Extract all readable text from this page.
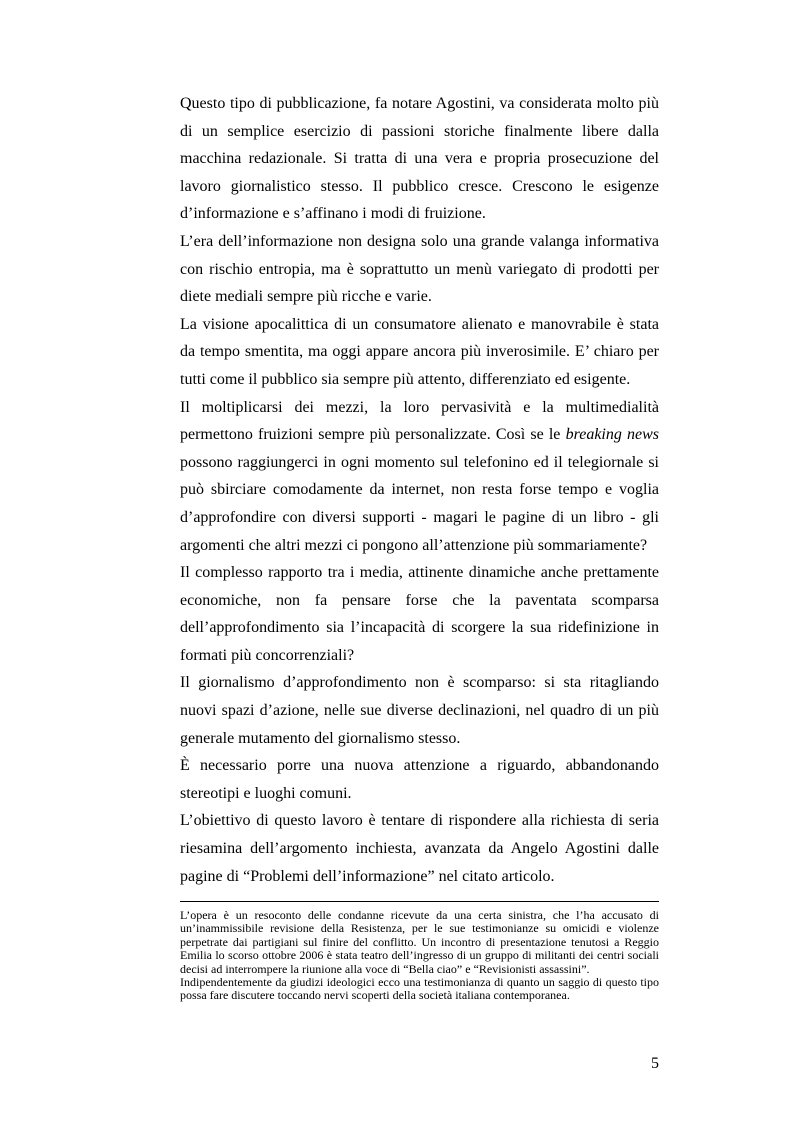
Questo tipo di pubblicazione, fa notare Agostini, va considerata molto più di un semplice esercizio di passioni storiche finalmente libere dalla macchina redazionale. Si tratta di una vera e propria prosecuzione del lavoro giornalistico stesso. Il pubblico cresce. Crescono le esigenze d’informazione e s’affinano i modi di fruizione.

L’era dell’informazione non designa solo una grande valanga informativa con rischio entropia, ma è soprattutto un menù variegato di prodotti per diete mediali sempre più ricche e varie.

La visione apocalittica di un consumatore alienato e manovrabile è stata da tempo smentita, ma oggi appare ancora più inverosimile. E’ chiaro per tutti come il pubblico sia sempre più attento, differenziato ed esigente.

Il moltiplicarsi dei mezzi, la loro pervasività e la multimedialità permettono fruizioni sempre più personalizzate. Così se le breaking news possono raggiungerci in ogni momento sul telefonino ed il telegiornale si può sbirciare comodamente da internet, non resta forse tempo e voglia d’approfondire con diversi supporti - magari le pagine di un libro - gli argomenti che altri mezzi ci pongono all’attenzione più sommariamente?

Il complesso rapporto tra i media, attinente dinamiche anche prettamente economiche, non fa pensare forse che la paventata scomparsa dell’approfondimento sia l’incapacità di scorgere la sua ridefinizione in formati più concorrenziali?

Il giornalismo d’approfondimento non è scomparso: si sta ritagliando nuovi spazi d’azione, nelle sue diverse declinazioni, nel quadro di un più generale mutamento del giornalismo stesso.

È necessario porre una nuova attenzione a riguardo, abbandonando stereotipi e luoghi comuni.

L’obiettivo di questo lavoro è tentare di rispondere alla richiesta di seria riesamina dell’argomento inchiesta, avanzata da Angelo Agostini dalle pagine di “Problemi dell’informazione” nel citato articolo.

L’opera è un resoconto delle condanne ricevute da una certa sinistra, che l’ha accusato di un’inammissibile revisione della Resistenza, per le sue testimonianze su omicidi e violenze perpetrate dai partigiani sul finire del conflitto. Un incontro di presentazione tenutosi a Reggio Emilia lo scorso ottobre 2006 è stata teatro dell’ingresso di un gruppo di militanti dei centri sociali decisi ad interrompere la riunione alla voce di “Bella ciao” e “Revisionisti assassini”.

Indipendentemente da giudizi ideologici ecco una testimonianza di quanto un saggio di questo tipo possa fare discutere toccando nervi scoperti della società italiana contemporanea.

5
